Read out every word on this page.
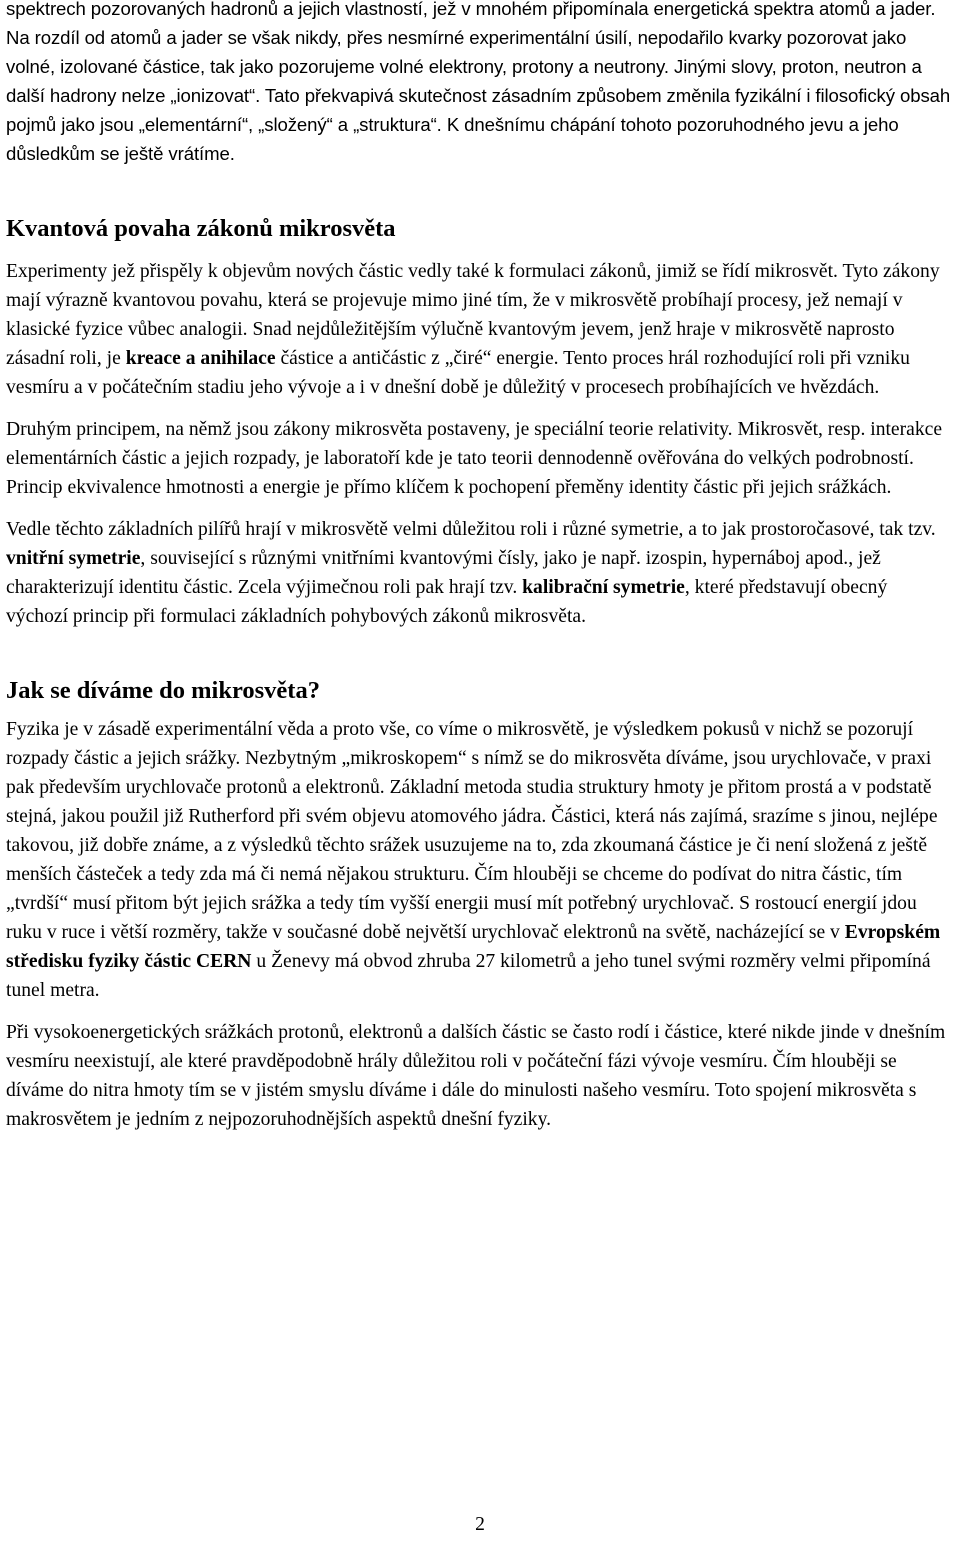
spektrech pozorovaných hadronů a jejich vlastností, jež v mnohém připomínala energetická spektra atomů a jader. Na rozdíl od atomů a jader se však nikdy, přes nesmírné experimentální úsilí, nepodařilo kvarky pozorovat jako volné, izolované částice, tak jako pozorujeme volné elektrony, protony a neutrony. Jinými slovy, proton, neutron a další hadrony nelze „ionizovat“. Tato překvapivá skutečnost zásadním způsobem změnila fyzikální i filosofický obsah pojmů jako jsou „elementární“, „složený“ a „struktura“. K dnešnímu chápání tohoto pozoruhodného jevu a jeho důsledkům se ještě vrátíme.

Kvantová povaha zákonů mikrosvěta

Experimenty jež přispěly k objevům nových částic vedly také k formulaci zákonů, jimiž se řídí mikrosvět. Tyto zákony mají výrazně kvantovou povahu, která se projevuje mimo jiné tím, že v mikrosvětě probíhají procesy, jež nemají v klasické fyzice vůbec analogii. Snad nejdůležitějším výlučně kvantovým jevem, jenž hraje v mikrosvětě naprosto zásadní roli, je kreace a anihilace částice a antičástic z „čiré“ energie. Tento proces hrál rozhodující roli při vzniku vesmíru a v počátečním stadiu jeho vývoje a i v dnešní době je důležitý v procesech probíhajících ve hvězdách.

Druhým principem, na němž jsou zákony mikrosvěta postaveny, je speciální teorie relativity. Mikrosvět, resp. interakce elementárních částic a jejich rozpady, je laboratoří kde je tato teorii dennodenně ověřována do velkých podrobností. Princip ekvivalence hmotnosti a energie je přímo klíčem k pochopení přeměny identity částic při jejich srážkách.

Vedle těchto základních pilířů hrají v mikrosvětě velmi důležitou roli i různé symetrie, a to jak prostoročasové, tak tzv. vnitřní symetrie, související s různými vnitřními kvantovými čísly, jako je např. izospin, hypernáboj apod., jež charakterizují identitu částic. Zcela výjimečnou roli pak hrají tzv. kalibrační symetrie, které představují obecný výchozí princip při formulaci základních pohybových zákonů mikrosvěta.

Jak se díváme do mikrosvěta?

Fyzika je v zásadě experimentální věda a proto vše, co víme o mikrosvětě, je výsledkem pokusů v nichž se pozorují rozpady částic a jejich srážky. Nezbytným „mikroskopem“ s nímž se do mikrosvěta díváme, jsou urychlovače, v praxi pak především urychlovače protonů a elektronů. Základní metoda studia struktury hmoty je přitom prostá a v podstatě stejná, jakou použil již Rutherford při svém objevu atomového jádra. Částici, která nás zajímá, srazíme s jinou, nejlépe takovou, již dobře známe, a z výsledků těchto srážek usuzujeme na to, zda zkoumaná částice je či není složená z ještě menších částeček a tedy zda má či nemá nějakou strukturu. Čím hlouběji se chceme do podívat do nitra částic, tím „tvrdší“ musí přitom být jejich srážka a tedy tím vyšší energii musí mít potřebný urychlovač. S rostoucí energií jdou ruku v ruce i větší rozměry, takže v současné době největší urychlovač elektronů na světě, nacházející se v Evropském středisku fyziky částic CERN u Ženevy má obvod zhruba 27 kilometrů a jeho tunel svými rozměry velmi připomíná tunel metra.

Při vysokoenergetických srážkách protonů, elektronů a dalších částic se často rodí i částice, které nikde jinde v dnešním vesmíru neexistují, ale které pravděpodobně hrály důležitou roli v počáteční fázi vývoje vesmíru. Čím hlouběji se díváme do nitra hmoty tím se v jistém smyslu díváme i dále do minulosti našeho vesmíru. Toto spojení mikrosvěta s makrosvětem je jedním z nejpozoruhodnějších aspektů dnešní fyziky.

2
